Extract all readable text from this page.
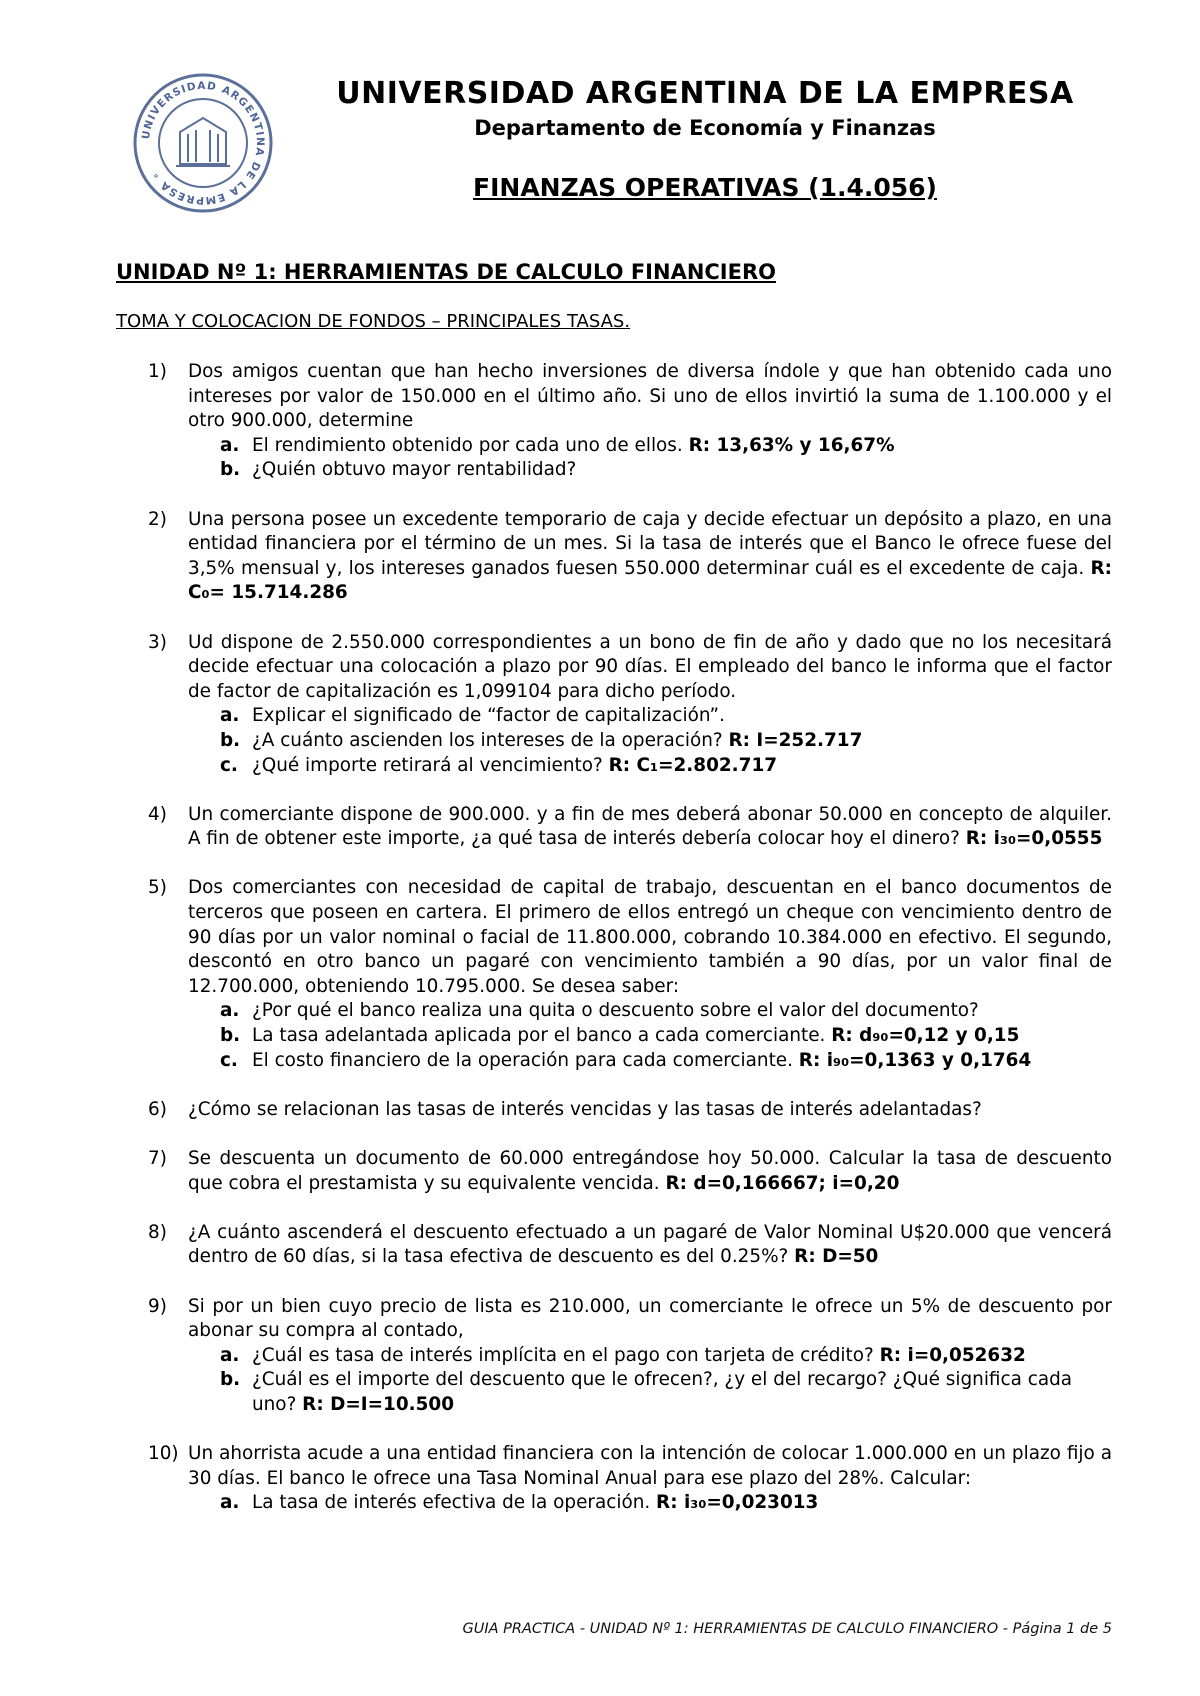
UNIVERSIDAD ARGENTINA DE LA EMPRESA ∘
UNIVERSIDAD ARGENTINA DE LA EMPRESA
Departamento de Economía y Finanzas
FINANZAS OPERATIVAS (1.4.056)
UNIDAD Nº 1: HERRAMIENTAS DE CALCULO FINANCIERO
TOMA Y COLOCACION DE FONDOS – PRINCIPALES TASAS.
1)	Dos amigos cuentan que han hecho inversiones de diversa índole y que han obtenido cada uno intereses por valor de 150.000 en el último año. Si uno de ellos invirtió la suma de 1.100.000 y el otro 900.000, determine
a. El rendimiento obtenido por cada uno de ellos. R: 13,63% y 16,67%
b. ¿Quién obtuvo mayor rentabilidad?
2)	Una persona posee un excedente temporario de caja y decide efectuar un depósito a plazo, en una entidad financiera por el término de un mes. Si la tasa de interés que el Banco le ofrece fuese del 3,5% mensual y, los intereses ganados fuesen 550.000 determinar cuál es el excedente de caja. R: C₀= 15.714.286
3)	Ud dispone de 2.550.000 correspondientes a un bono de fin de año y dado que no los necesitará decide efectuar una colocación a plazo por 90 días. El empleado del banco le informa que el factor de factor de capitalización es 1,099104 para dicho período.
a. Explicar el significado de “factor de capitalización”.
b. ¿A cuánto ascienden los intereses de la operación? R: I=252.717
c. ¿Qué importe retirará al vencimiento? R: C₁=2.802.717
4)	Un comerciante dispone de 900.000. y a fin de mes deberá abonar 50.000 en concepto de alquiler. A fin de obtener este importe, ¿a qué tasa de interés debería colocar hoy el dinero? R: i₃₀=0,0555
5)	Dos comerciantes con necesidad de capital de trabajo, descuentan en el banco documentos de terceros que poseen en cartera. El primero de ellos entregó un cheque con vencimiento dentro de 90 días por un valor nominal o facial de 11.800.000, cobrando 10.384.000 en efectivo. El segundo, descontó en otro banco un pagaré con vencimiento también a 90 días, por un valor final de 12.700.000, obteniendo 10.795.000. Se desea saber:
a. ¿Por qué el banco realiza una quita o descuento sobre el valor del documento?
b. La tasa adelantada aplicada por el banco a cada comerciante. R: d₉₀=0,12 y 0,15
c. El costo financiero de la operación para cada comerciante. R: i₉₀=0,1363 y 0,1764
6)	¿Cómo se relacionan las tasas de interés vencidas y las tasas de interés adelantadas?
7)	Se descuenta un documento de 60.000 entregándose hoy 50.000. Calcular la tasa de descuento que cobra el prestamista y su equivalente vencida. R: d=0,166667; i=0,20
8)	¿A cuánto ascenderá el descuento efectuado a un pagaré de Valor Nominal U$20.000 que vencerá dentro de 60 días, si la tasa efectiva de descuento es del 0.25%? R: D=50
9)	Si por un bien cuyo precio de lista es 210.000, un comerciante le ofrece un 5% de descuento por abonar su compra al contado,
a. ¿Cuál es tasa de interés implícita en el pago con tarjeta de crédito? R: i=0,052632
b. ¿Cuál es el importe del descuento que le ofrecen?, ¿y el del recargo? ¿Qué significa cada uno? R: D=I=10.500
10) Un ahorrista acude a una entidad financiera con la intención de colocar 1.000.000 en un plazo fijo a 30 días. El banco le ofrece una Tasa Nominal Anual para ese plazo del 28%. Calcular:
a. La tasa de interés efectiva de la operación. R: i₃₀=0,023013
GUIA PRACTICA - UNIDAD Nº 1: HERRAMIENTAS DE CALCULO FINANCIERO - Página 1 de 5
